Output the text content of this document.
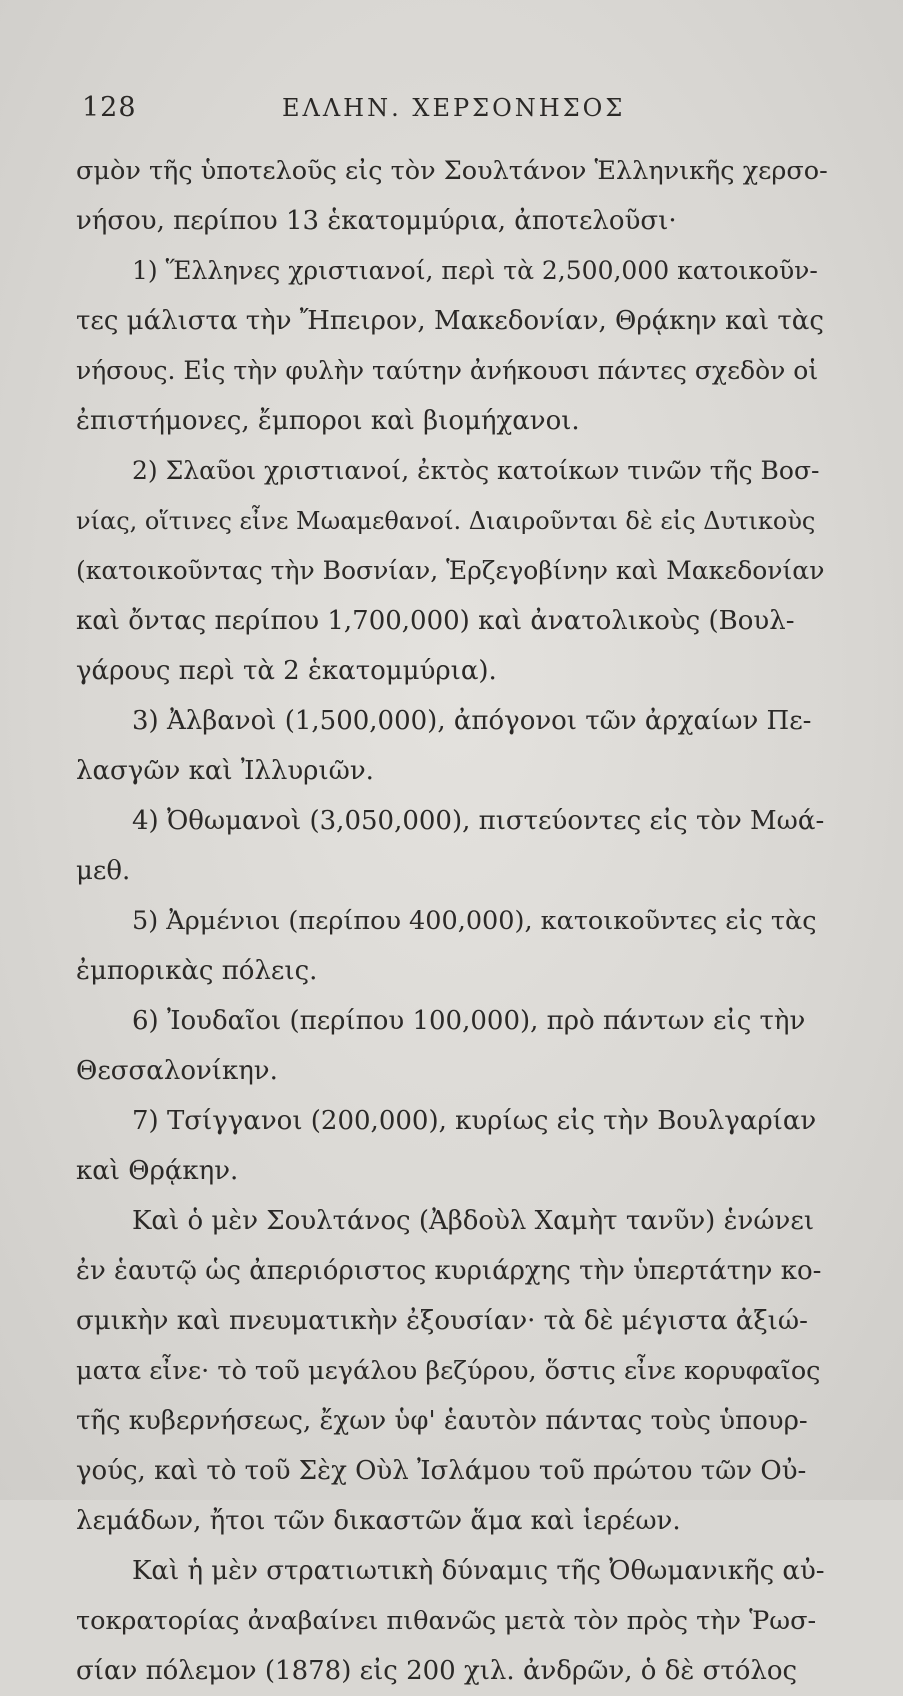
128	ΕΛΛΗΝ. ΧΕΡΣΟΝΗΣΟΣ
σμὸν τῆς ὑποτελοῦς εἰς τὸν Σουλτάνον Ἑλληνικῆς χερσο-
νήσου, περίπου 13 ἑκατομμύρια, ἀποτελοῦσι·
1) Ἕλληνες χριστιανοί, περὶ τὰ 2,500,000 κατοικοῦν-
τες μάλιστα τὴν Ἤπειρον, Μακεδονίαν, Θρᾴκην καὶ τὰς
νήσους. Εἰς τὴν φυλὴν ταύτην ἀνήκουσι πάντες σχεδὸν οἱ
ἐπιστήμονες, ἔμποροι καὶ βιομήχανοι.
2) Σλαῦοι χριστιανοί, ἐκτὸς κατοίκων τινῶν τῆς Βοσ-
νίας, οἵτινες εἶνε Μωαμεθανοί. Διαιροῦνται δὲ εἰς Δυτικοὺς
(κατοικοῦντας τὴν Βοσνίαν, Ἑρζεγοβίνην καὶ Μακεδονίαν
καὶ ὄντας περίπου 1,700,000) καὶ ἀνατολικοὺς (Βουλ-
γάρους περὶ τὰ 2 ἑκατομμύρια).
3) Ἀλβανοὶ (1,500,000), ἀπόγονοι τῶν ἀρχαίων Πε-
λασγῶν καὶ Ἰλλυριῶν.
4) Ὀθωμανοὶ (3,050,000), πιστεύοντες εἰς τὸν Μωά-
μεθ.
5) Ἀρμένιοι (περίπου 400,000), κατοικοῦντες εἰς τὰς
ἐμπορικὰς πόλεις.
6) Ἰουδαῖοι (περίπου 100,000), πρὸ πάντων εἰς τὴν
Θεσσαλονίκην.
7) Τσίγγανοι (200,000), κυρίως εἰς τὴν Βουλγαρίαν
καὶ Θρᾴκην.
Καὶ ὁ μὲν Σουλτάνος (Ἀβδοὺλ Χαμὴτ τανῦν) ἑνώνει
ἐν ἑαυτῷ ὡς ἀπεριόριστος κυριάρχης τὴν ὑπερτάτην κο-
σμικὴν καὶ πνευματικὴν ἐξουσίαν· τὰ δὲ μέγιστα ἀξιώ-
ματα εἶνε· τὸ τοῦ μεγάλου βεζύρου, ὅστις εἶνε κορυφαῖος
τῆς κυβερνήσεως, ἔχων ὑφ' ἑαυτὸν πάντας τοὺς ὑπουρ-
γούς, καὶ τὸ τοῦ Σὲχ Οὺλ Ἰσλάμου τοῦ πρώτου τῶν Οὐ-
λεμάδων, ἤτοι τῶν δικαστῶν ἅμα καὶ ἱερέων.
Καὶ ἡ μὲν στρατιωτικὴ δύναμις τῆς Ὀθωμανικῆς αὐ-
τοκρατορίας ἀναβαίνει πιθανῶς μετὰ τὸν πρὸς τὴν Ῥωσ-
σίαν πόλεμον (1878) εἰς 200 χιλ. ἀνδρῶν, ὁ δὲ στόλος
